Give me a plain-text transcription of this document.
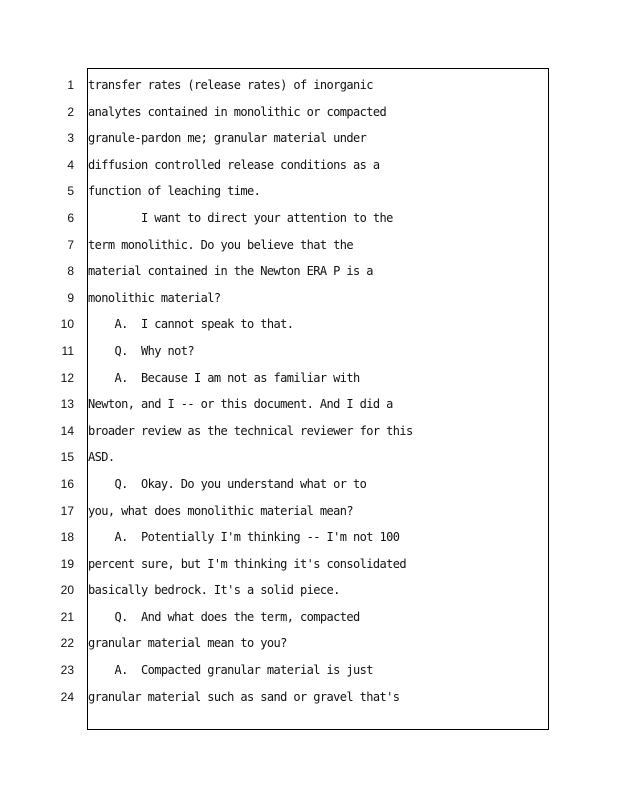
1
2
3
4
5
6
7
8
9
10
11
12
13
14
15
16
17
18
19
20
21
22
23
24
transfer rates (release rates) of inorganic
analytes contained in monolithic or compacted
granule-pardon me; granular material under
diffusion controlled release conditions as a
function of leaching time.
I want to direct your attention to the
term monolithic. Do you believe that the
material contained in the Newton ERA P is a
monolithic material?
A.  I cannot speak to that.
Q.  Why not?
A.  Because I am not as familiar with
Newton, and I -- or this document. And I did a
broader review as the technical reviewer for this
ASD.
Q.  Okay. Do you understand what or to
you, what does monolithic material mean?
A.  Potentially I'm thinking -- I'm not 100
percent sure, but I'm thinking it's consolidated
basically bedrock. It's a solid piece.
Q.  And what does the term, compacted
granular material mean to you?
A.  Compacted granular material is just
granular material such as sand or gravel that's
